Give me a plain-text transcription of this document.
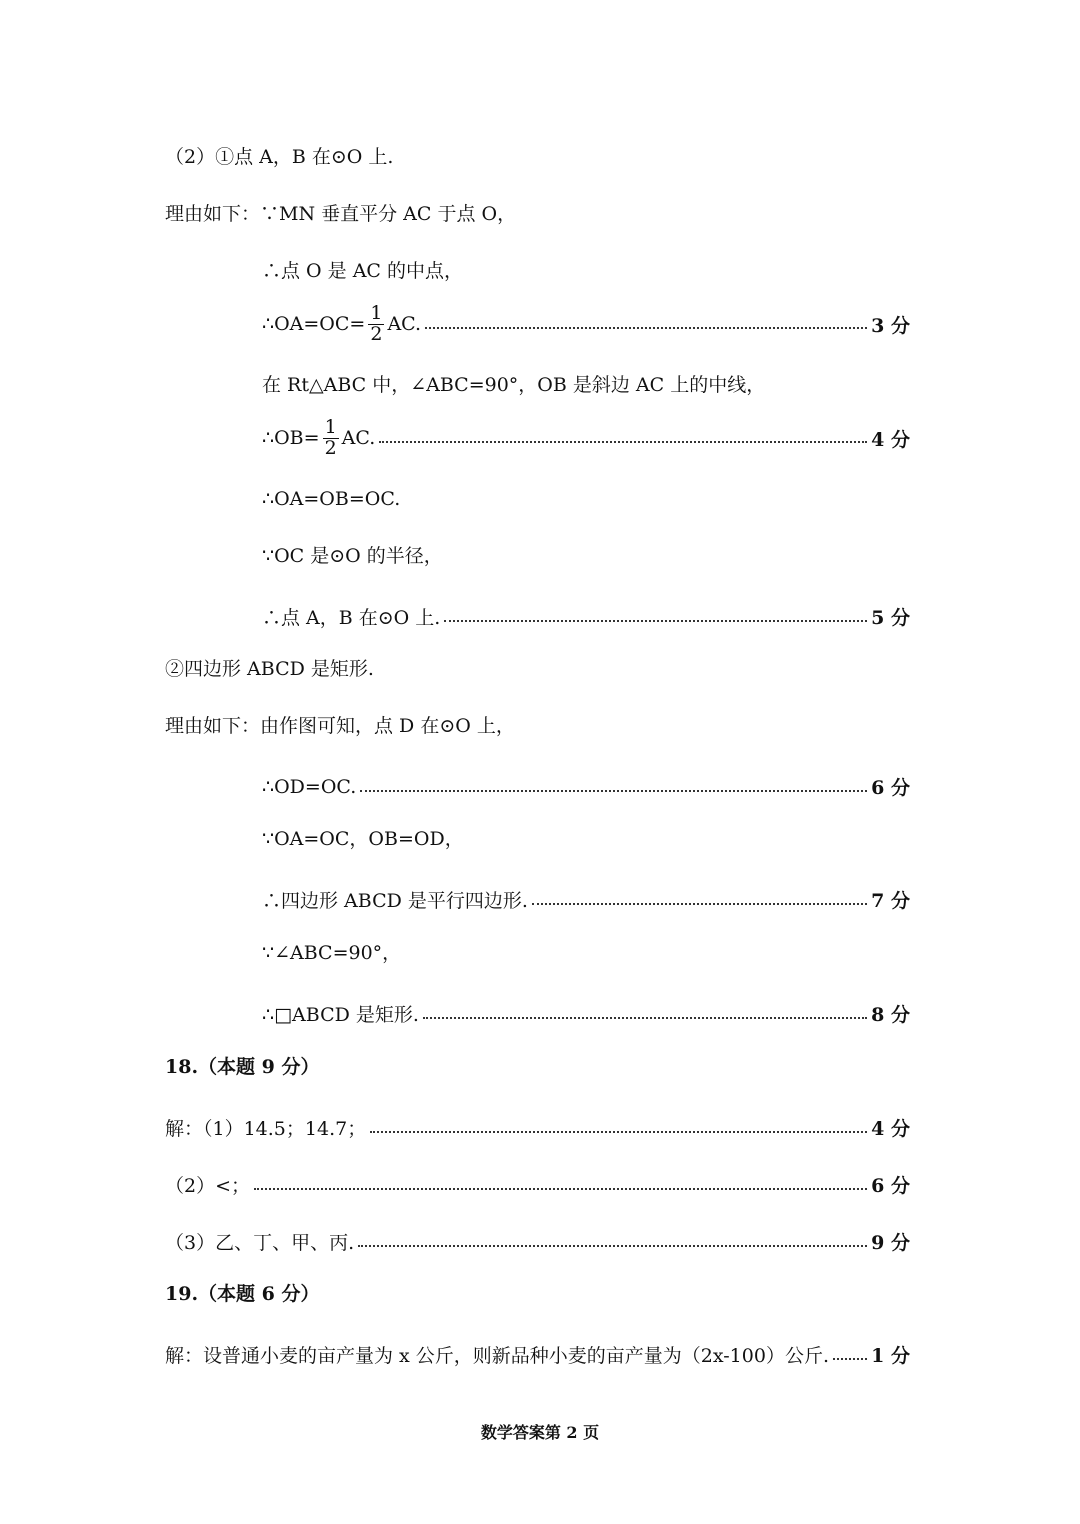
（2）①点 A，B 在⊙O 上.
理由如下：∵MN 垂直平分 AC 于点 O，
∴点 O 是 AC 的中点，
∴OA=OC= $\frac{1}{2}$ AC.	3 分
在 Rt△ABC 中，∠ABC=90°，OB 是斜边 AC 上的中线，
∴OB= $\frac{1}{2}$ AC.	4 分
∴OA=OB=OC.
∵OC 是⊙O 的半径，
∴点 A，B 在⊙O 上.	5 分
②四边形 ABCD 是矩形.
理由如下：由作图可知，点 D 在⊙O 上，
∴OD=OC.	6 分
∵OA=OC，OB=OD，
∴四边形 ABCD 是平行四边形.	7 分
∵∠ABC=90°，
∴□ABCD 是矩形.	8 分
18.（本题 9 分）
解：（1）14.5；14.7；	4 分
（2）<；	6 分
（3）乙、丁、甲、丙.	9 分
19.（本题 6 分）
解：设普通小麦的亩产量为 x 公斤，则新品种小麦的亩产量为（2x-100）公斤. 1 分
数学答案第 2 页
